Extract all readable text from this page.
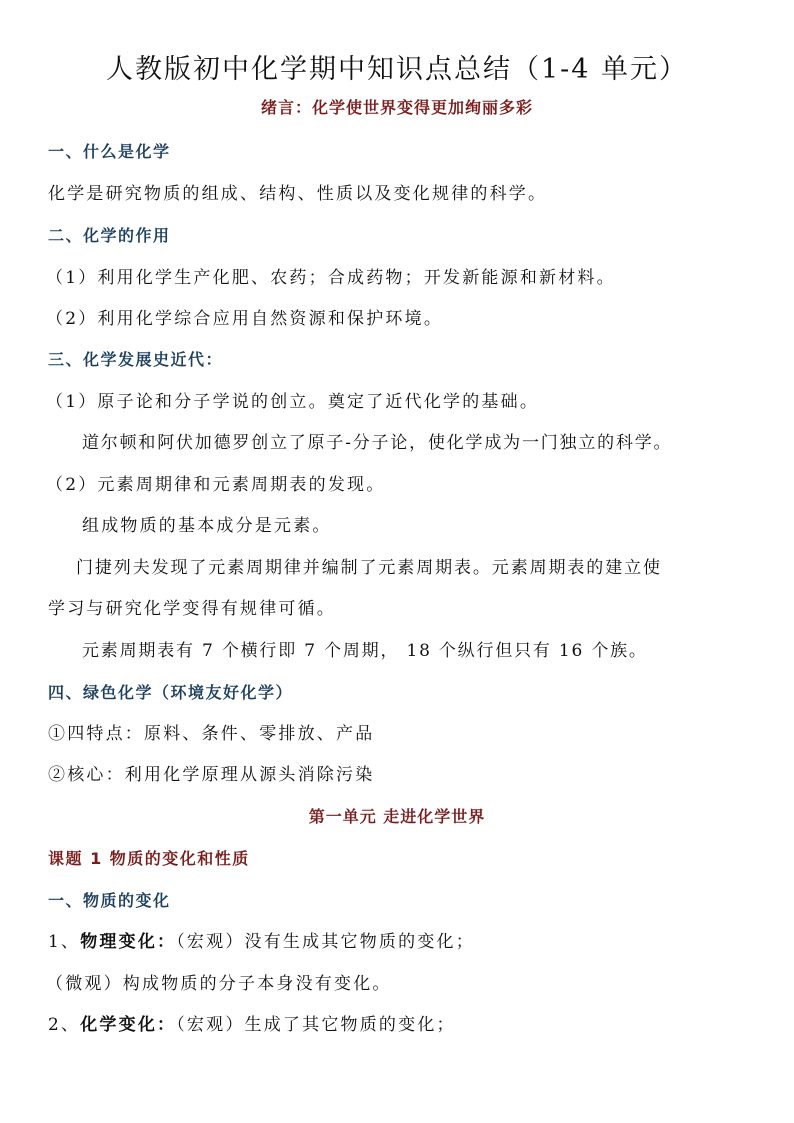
人教版初中化学期中知识点总结（1-4 单元）
绪言：化学使世界变得更加绚丽多彩
一、什么是化学
化学是研究物质的组成、结构、性质以及变化规律的科学。
二、化学的作用
（1）利用化学生产化肥、农药；合成药物；开发新能源和新材料。
（2）利用化学综合应用自然资源和保护环境。
三、化学发展史近代：
（1）原子论和分子学说的创立。奠定了近代化学的基础。
道尔顿和阿伏加德罗创立了原子-分子论，使化学成为一门独立的科学。
（2）元素周期律和元素周期表的发现。
组成物质的基本成分是元素。
门捷列夫发现了元素周期律并编制了元素周期表。元素周期表的建立使
学习与研究化学变得有规律可循。
元素周期表有 7 个横行即 7 个周期， 18 个纵行但只有 16 个族。
四、绿色化学（环境友好化学）
①四特点：原料、条件、零排放、产品
②核心：利用化学原理从源头消除污染
第一单元 走进化学世界
课题 1 物质的变化和性质
一、物质的变化
1、物理变化：（宏观）没有生成其它物质的变化；
（微观）构成物质的分子本身没有变化。
2、化学变化：（宏观）生成了其它物质的变化；
